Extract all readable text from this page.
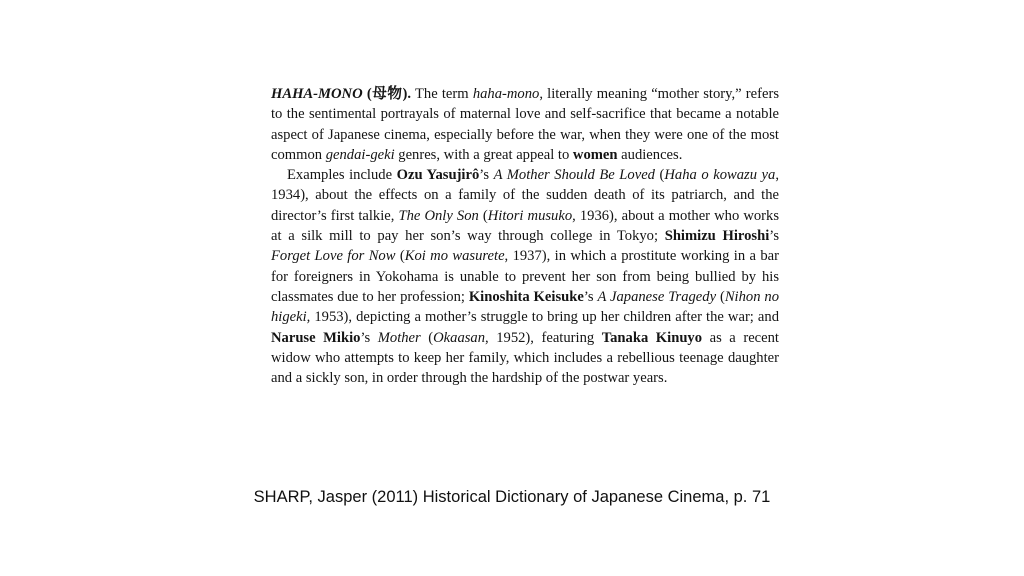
HAHA-MONO (母物). The term haha-mono, literally meaning “mother story,” refers to the sentimental portrayals of maternal love and self-sacrifice that became a notable aspect of Japanese cinema, especially before the war, when they were one of the most common gendai-geki genres, with a great appeal to women audiences.

Examples include Ozu Yasujirô’s A Mother Should Be Loved (Haha o kowazu ya, 1934), about the effects on a family of the sudden death of its patriarch, and the director’s first talkie, The Only Son (Hitori musuko, 1936), about a mother who works at a silk mill to pay her son’s way through college in Tokyo; Shimizu Hiroshi’s Forget Love for Now (Koi mo wasurete, 1937), in which a prostitute working in a bar for foreigners in Yokohama is unable to prevent her son from being bullied by his classmates due to her profession; Kinoshita Keisuke’s A Japanese Tragedy (Nihon no higeki, 1953), depicting a mother’s struggle to bring up her children after the war; and Naruse Mikio’s Mother (Okaasan, 1952), featuring Tanaka Kinuyo as a recent widow who attempts to keep her family, which includes a rebellious teenage daughter and a sickly son, in order through the hardship of the postwar years.

SHARP, Jasper (2011) Historical Dictionary of Japanese Cinema, p. 71
